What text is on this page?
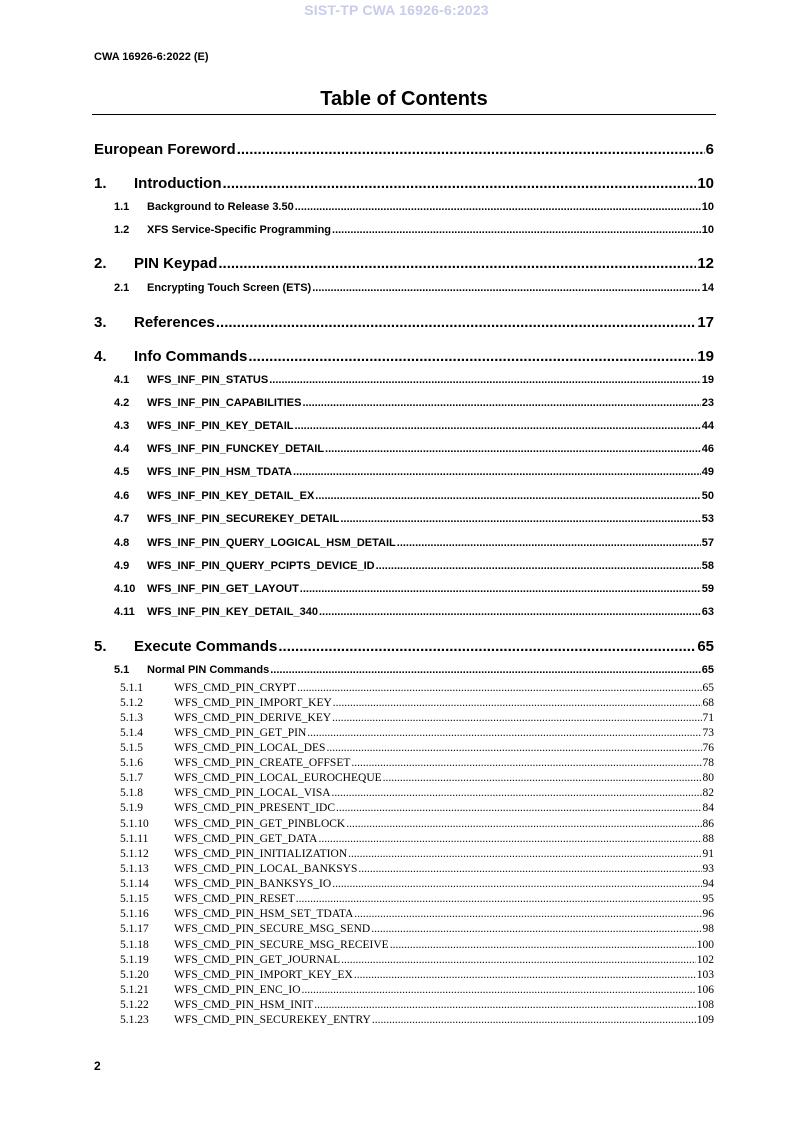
SIST-TP CWA 16926-6:2023
CWA 16926-6:2022 (E)
Table of Contents
European Foreword .....	6
1.	Introduction .....	10
1.1	Background to Release 3.50 .....	10
1.2	XFS Service-Specific Programming .....	10
2.	PIN Keypad .....	12
2.1	Encrypting Touch Screen (ETS) .....	14
3.	References .....	17
4.	Info Commands .....	19
4.1	WFS_INF_PIN_STATUS .....	19
4.2	WFS_INF_PIN_CAPABILITIES .....	23
4.3	WFS_INF_PIN_KEY_DETAIL .....	44
4.4	WFS_INF_PIN_FUNCKEY_DETAIL .....	46
4.5	WFS_INF_PIN_HSM_TDATA .....	49
4.6	WFS_INF_PIN_KEY_DETAIL_EX .....	50
4.7	WFS_INF_PIN_SECUREKEY_DETAIL .....	53
4.8	WFS_INF_PIN_QUERY_LOGICAL_HSM_DETAIL .....	57
4.9	WFS_INF_PIN_QUERY_PCIPTS_DEVICE_ID .....	58
4.10	WFS_INF_PIN_GET_LAYOUT .....	59
4.11	WFS_INF_PIN_KEY_DETAIL_340 .....	63
5.	Execute Commands .....	65
5.1	Normal PIN Commands .....	65
5.1.1	WFS_CMD_PIN_CRYPT .....	65
5.1.2	WFS_CMD_PIN_IMPORT_KEY .....	68
5.1.3	WFS_CMD_PIN_DERIVE_KEY .....	71
5.1.4	WFS_CMD_PIN_GET_PIN .....	73
5.1.5	WFS_CMD_PIN_LOCAL_DES .....	76
5.1.6	WFS_CMD_PIN_CREATE_OFFSET .....	78
5.1.7	WFS_CMD_PIN_LOCAL_EUROCHEQUE .....	80
5.1.8	WFS_CMD_PIN_LOCAL_VISA .....	82
5.1.9	WFS_CMD_PIN_PRESENT_IDC .....	84
5.1.10	WFS_CMD_PIN_GET_PINBLOCK .....	86
5.1.11	WFS_CMD_PIN_GET_DATA .....	88
5.1.12	WFS_CMD_PIN_INITIALIZATION .....	91
5.1.13	WFS_CMD_PIN_LOCAL_BANKSYS .....	93
5.1.14	WFS_CMD_PIN_BANKSYS_IO .....	94
5.1.15	WFS_CMD_PIN_RESET .....	95
5.1.16	WFS_CMD_PIN_HSM_SET_TDATA .....	96
5.1.17	WFS_CMD_PIN_SECURE_MSG_SEND .....	98
5.1.18	WFS_CMD_PIN_SECURE_MSG_RECEIVE .....	100
5.1.19	WFS_CMD_PIN_GET_JOURNAL .....	102
5.1.20	WFS_CMD_PIN_IMPORT_KEY_EX .....	103
5.1.21	WFS_CMD_PIN_ENC_IO .....	106
5.1.22	WFS_CMD_PIN_HSM_INIT .....	108
5.1.23	WFS_CMD_PIN_SECUREKEY_ENTRY .....	109
2
